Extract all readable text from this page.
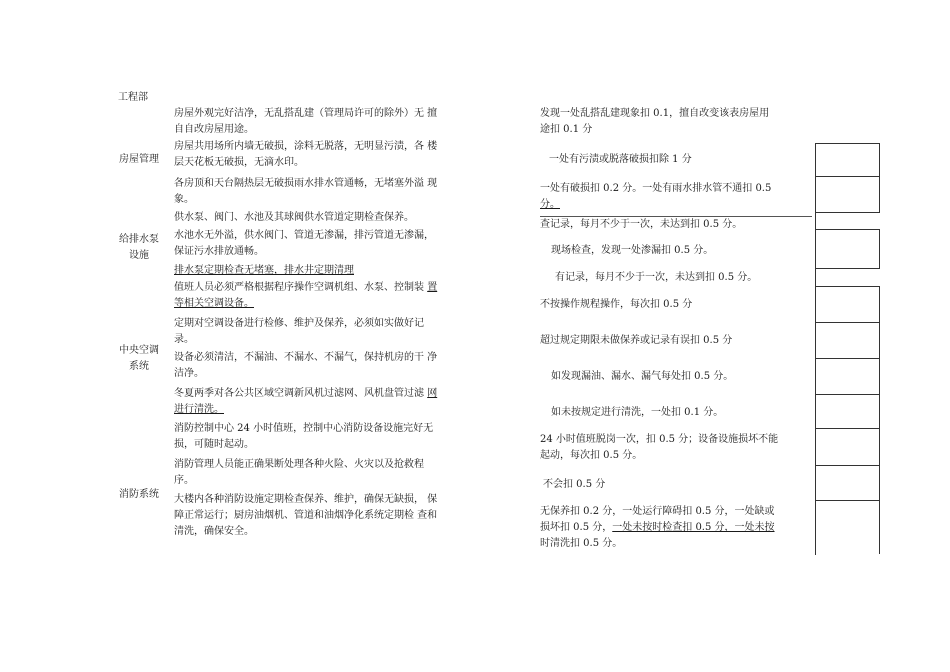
工程部
房屋管理
给排水泵
设施
中央空调
系统
消防系统
房屋外观完好洁净，无乱搭乱建（管理局许可的除外）无 擅
自自改房屋用途。
房屋共用场所内墙无破损，涂料无脱落，无明显污渍，各 楼
层天花板无破损，无滴水印。
各房顶和天台隔热层无破损雨水排水管通畅，无堵塞外溢 现
象。
供水泵、阀门、水池及其球阀供水管道定期检查保养。
水池水无外溢，供水阀门、管道无渗漏，排污管道无渗漏，
保证污水排放通畅。
排水泵定期检查无堵塞，排水井定期清理
值班人员必须严格根据程序操作空调机组、水泵、控制装 置
等相关空调设备。
定期对空调设备进行检修、维护及保养，必须如实做好记
录。
设备必须清洁，不漏油、不漏水、不漏气，保持机房的干 净
洁净。
冬夏两季对各公共区域空调新风机过滤网、风机盘管过滤 网
进行清洗。
消防控制中心 24 小时值班，控制中心消防设备设施完好无
损，可随时起动。
消防管理人员能正确果断处理各种火险、火灾以及抢救程
序。
大楼内各种消防设施定期检查保养、维护，确保无缺损， 保
障正常运行；厨房油烟机、管道和油烟净化系统定期检 查和
清洗，确保安全。
发现一处乱搭乱建现象扣 0.1，擅自改变该表房屋用
途扣 0.1 分
一处有污渍或脱落破损扣除 1 分
一处有破损扣 0.2 分。一处有雨水排水管不通扣 0.5
分。
查记录，每月不少于一次，未达到扣 0.5 分。
现场检查，发现一处渗漏扣 0.5 分。
有记录，每月不少于一次，未达到扣 0.5 分。
不按操作规程操作，每次扣 0.5 分
超过规定期限未做保养或记录有误扣 0.5 分
如发现漏油、漏水、漏气每处扣 0.5 分。
如未按规定进行清洗，一处扣 0.1 分。
24 小时值班脱岗一次，扣 0.5 分；设备设施损坏不能
起动，每次扣 0.5 分。
不会扣 0.5 分
无保养扣 0.2 分，一处运行障碍扣 0.5 分，一处缺或
损坏扣 0.5 分，一处未按时检查扣 0.5 分，一处未按
时清洗扣 0.5 分。
